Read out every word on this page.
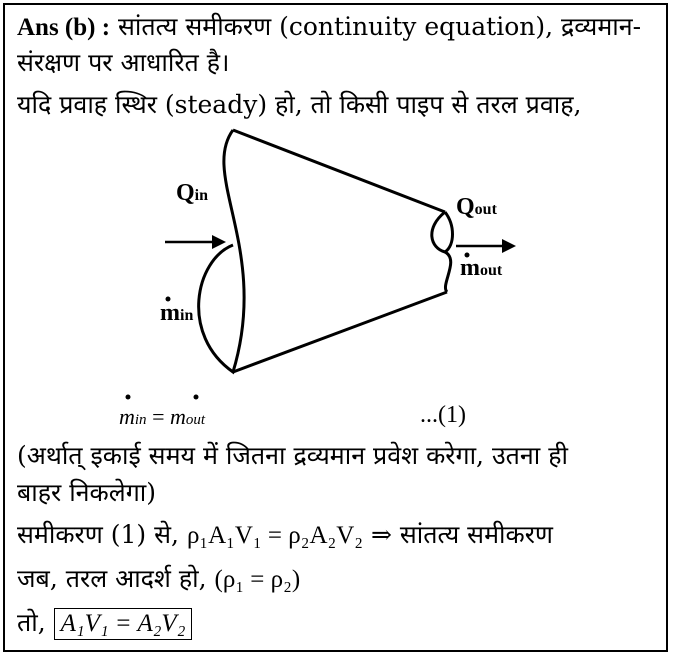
Ans (b) : सांतत्य समीकरण (continuity equation), द्रव्यमान-
संरक्षण पर आधारित है।
यदि प्रवाह स्थिर (steady) हो, तो किसी पाइप से तरल प्रवाह,
Qin	Qout
mout
min
min = mout	...(1)
(अर्थात् इकाई समय में जितना द्रव्यमान प्रवेश करेगा, उतना ही
बाहर निकलेगा)
समीकरण (1) से, ρ₁A₁V₁ = ρ₂A₂V₂ ⇒ सांतत्य समीकरण
जब, तरल आदर्श हो, (ρ₁ = ρ₂)
तो, A₁V₁ = A₂V₂
